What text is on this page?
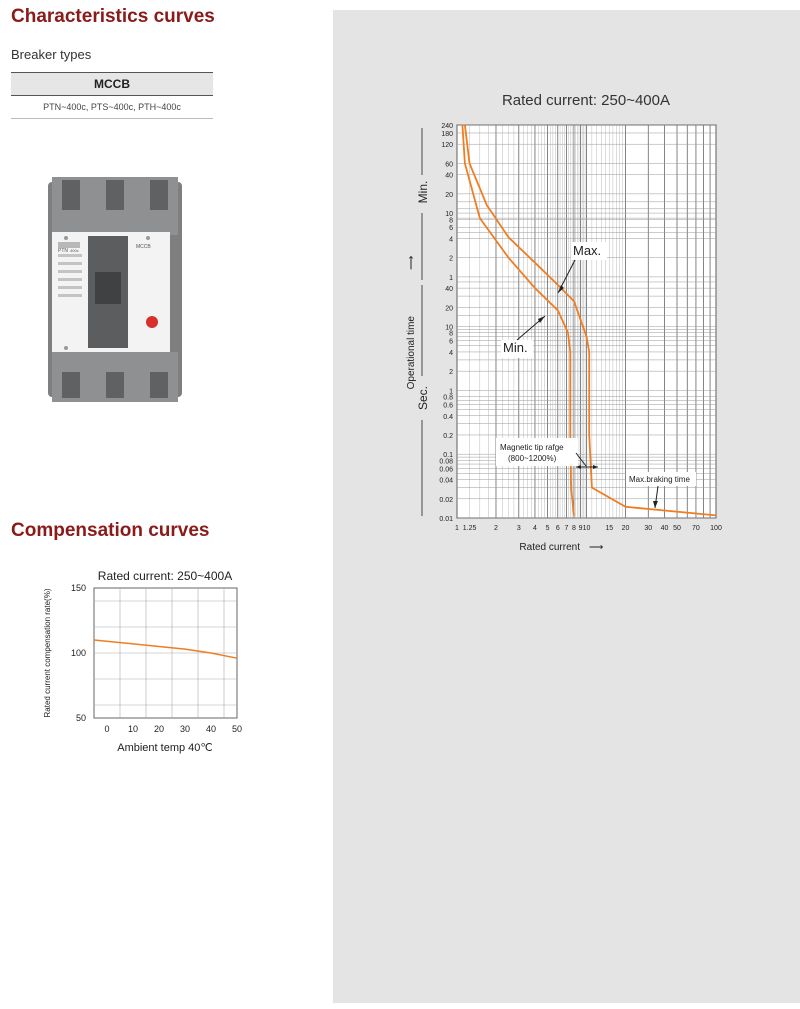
Characteristics curves
Breaker types
MCCB
PTN~400c, PTS~400c, PTH~400c
PTN 400c
MCCB
Compensation curves
Rated current: 250~400A
0 10 20 30 40 50
150
100
50
Ambient temp 40℃
Rated current compensation rate(%)
Rated current: 250~400A
240
180
120
60
40
20
10
8
6
4
2
1
40
20
10
8
6
4
2
1
0.8
0.6
0.4
0.2
0.1
0.08
0.06
0.04
0.02
0.01
1 1.25	2	3 4 5 6 7 8 9 10 15 20 30 40 50 70 100
Max.
Min.
Magnetic tip rafge
(800~1200%)
Max.braking time
Rated current ⟶
Operational time
⟶
Min.
Sec.
